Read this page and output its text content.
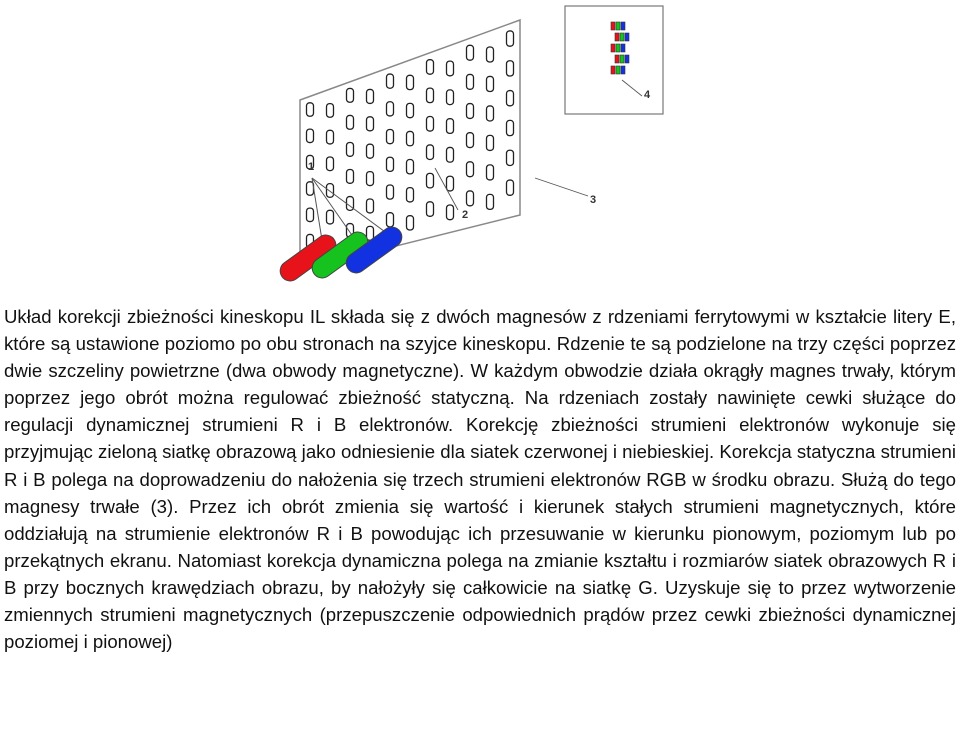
1
2
3
4

Układ korekcji zbieżności kineskopu IL składa się z dwóch magnesów z rdzeniami ferrytowymi w kształcie litery E, które są ustawione poziomo po obu stronach na szyjce kineskopu. Rdzenie te są podzielone na trzy części poprzez dwie szczeliny powietrzne (dwa obwody magnetyczne). W każdym obwodzie działa okrągły magnes trwały, którym poprzez jego obrót można regulować zbieżność statyczną. Na rdzeniach zostały nawinięte cewki służące do regulacji dynamicznej strumieni R i B elektronów. Korekcję zbieżności strumieni elektronów wykonuje się przyjmując zieloną siatkę obrazową jako odniesienie dla siatek czerwonej i niebieskiej. Korekcja statyczna strumieni R i B polega na doprowadzeniu do nałożenia się trzech strumieni elektronów RGB w środku obrazu. Służą do tego magnesy trwałe (3). Przez ich obrót zmienia się wartość i kierunek stałych strumieni magnetycznych, które oddziałują na strumienie elektronów R i B powodując ich przesuwanie w kierunku pionowym, poziomym lub po przekątnych ekranu. Natomiast korekcja dynamiczna polega na zmianie kształtu i rozmiarów siatek obrazowych R i B przy bocznych krawędziach obrazu, by nałożyły się całkowicie na siatkę G. Uzyskuje się to przez wytworzenie zmiennych strumieni magnetycznych (przepuszczenie odpowiednich prądów przez cewki zbieżności dynamicznej poziomej i pionowej)
